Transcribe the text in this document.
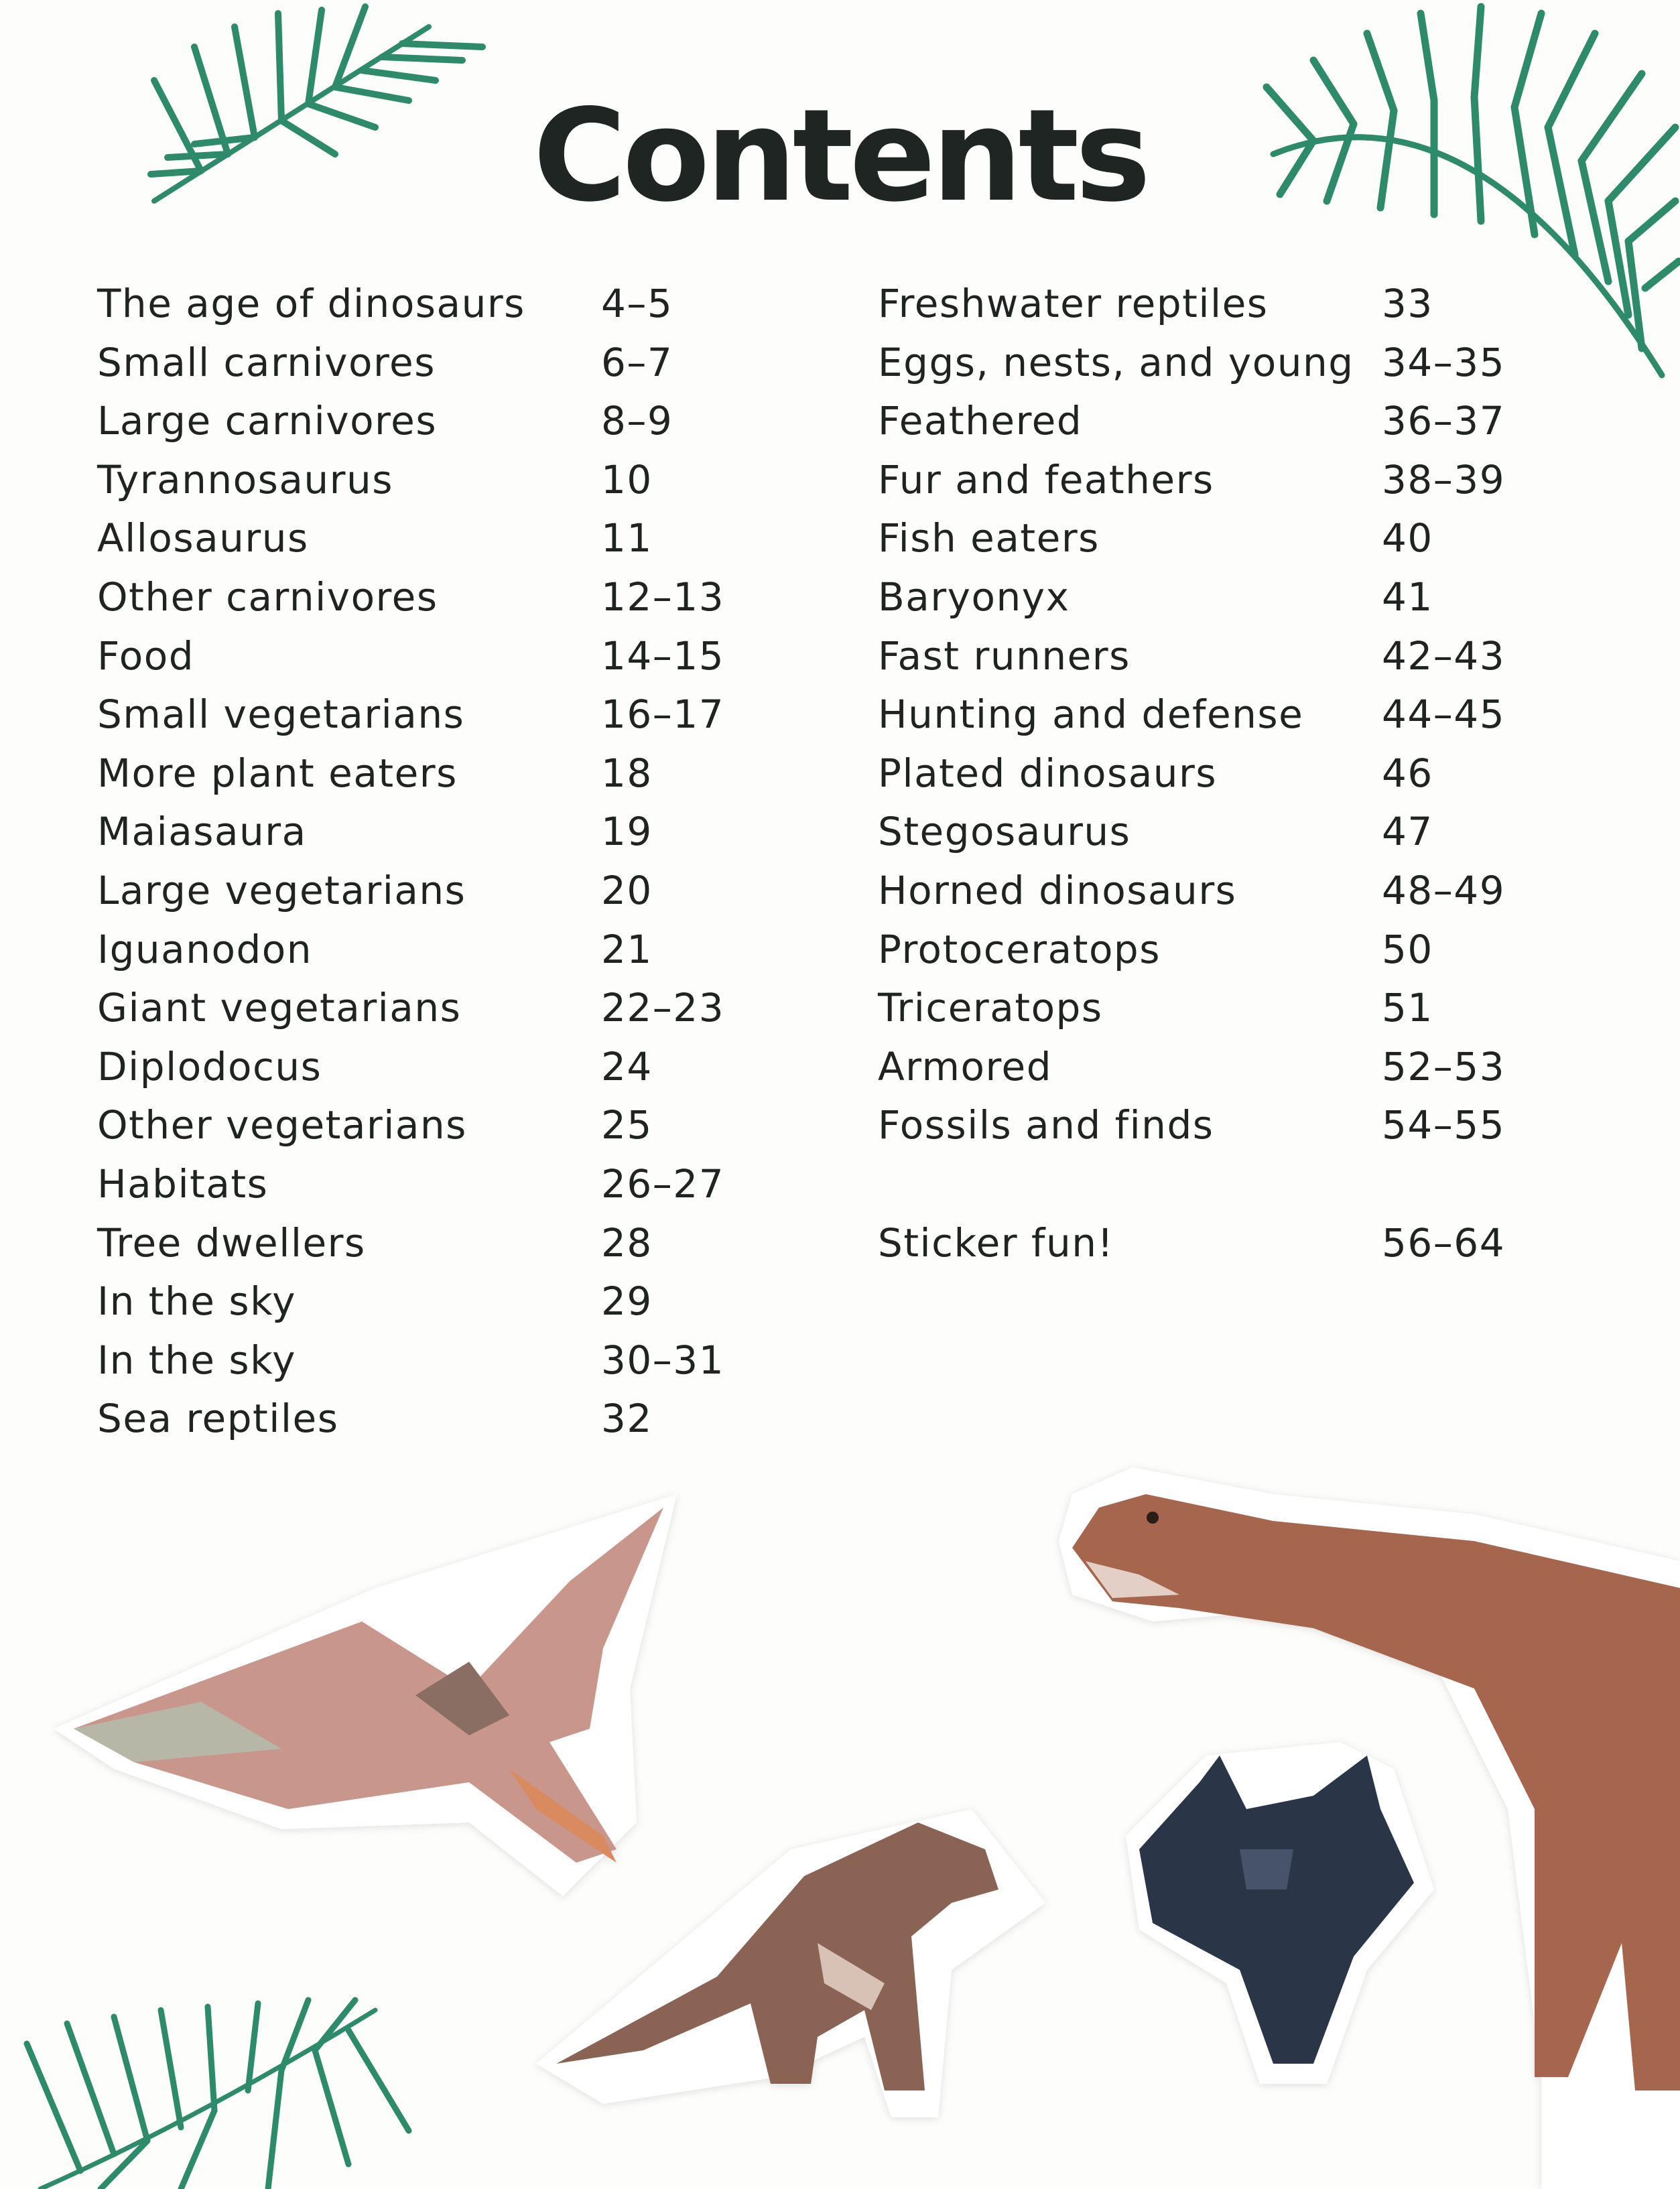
Contents
The age of dinosaurs 4–5
Small carnivores	6–7
Large carnivores	8–9
Tyrannosaurus	10
Allosaurus	11
Other carnivores	12–13
Food	14–15
Small vegetarians	16–17
More plant eaters	18
Maiasaura	19
Large vegetarians	20
Iguanodon	21
Giant vegetarians	22–23
Diplodocus	24
Other vegetarians	25
Habitats	26–27
Tree dwellers	28
In the sky	29
In the sky	30–31
Sea reptiles	32
Freshwater reptiles	33
Eggs, nests, and young 34–35
Feathered	36–37
Fur and feathers	38–39
Fish eaters	40
Baryonyx	41
Fast runners	42–43
Hunting and defense 44–45
Plated dinosaurs	46
Stegosaurus	47
Horned dinosaurs	48–49
Protoceratops	50
Triceratops	51
Armored	52–53
Fossils and finds	54–55
Sticker fun!	56–64
